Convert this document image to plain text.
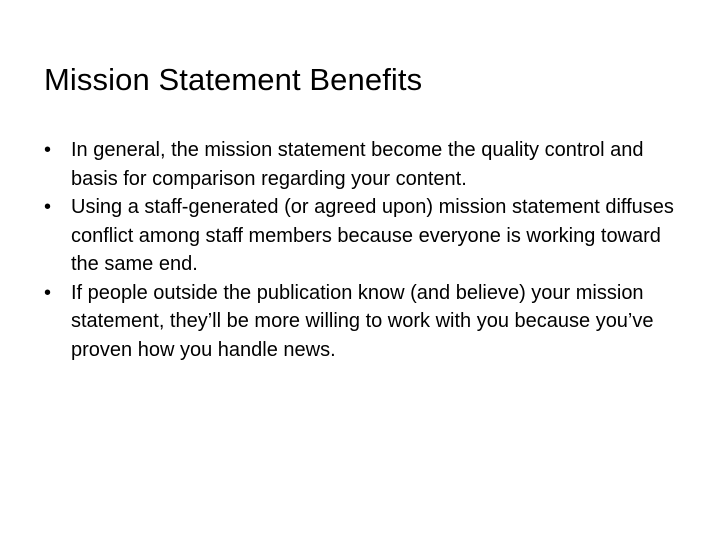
Mission Statement Benefits
• In general, the mission statement become the quality control and basis for comparison regarding your content.
• Using a staff-generated (or agreed upon) mission statement diffuses conflict among staff members because everyone is working toward the same end.
• If people outside the publication know (and believe) your mission statement, they’ll be more willing to work with you because you’ve proven how you handle news.
